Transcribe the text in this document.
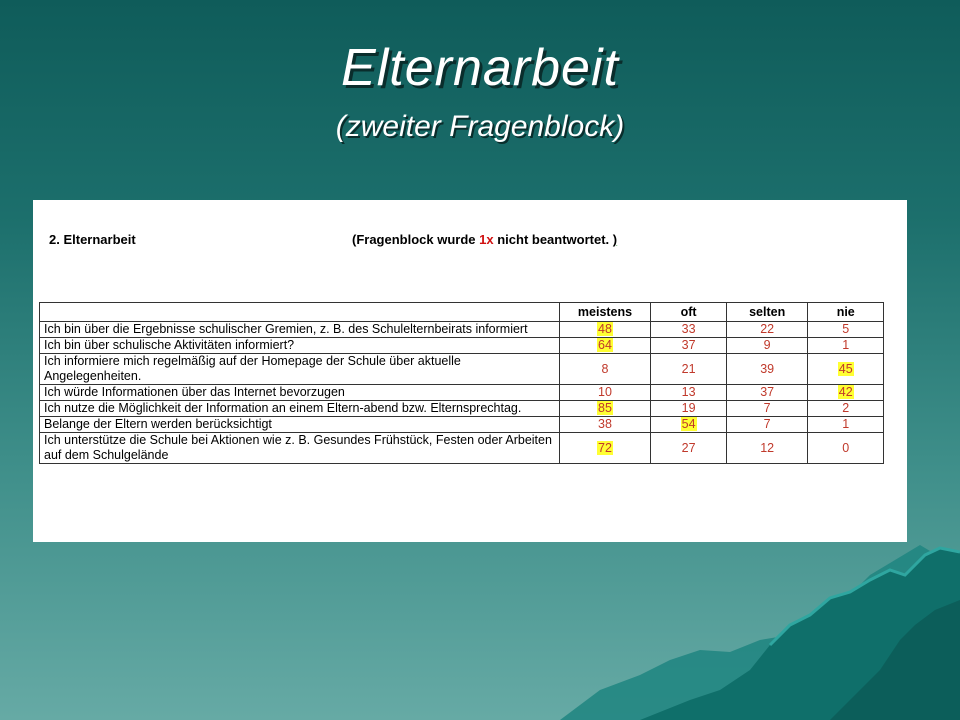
Elternarbeit
(zweiter Fragenblock)
2. Elternarbeit	(Fragenblock wurde 1x nicht beantwortet. )
	meistens	oft	selten	nie
Ich bin über die Ergebnisse schulischer Gremien, z. B. des Schulelternbeirats informiert	48	33	22	5
Ich bin über schulische Aktivitäten informiert?	64	37	9	1
Ich informiere mich regelmäßig auf der Homepage der Schule über aktuelle Angelegenheiten.	8	21	39	45
Ich würde Informationen über das Internet bevorzugen	10	13	37	42
Ich nutze die Möglichkeit der Information an einem Eltern-abend bzw. Elternsprechtag.	85	19	7	2
Belange der Eltern werden berücksichtigt	38	54	7	1
Ich unterstütze die Schule bei Aktionen wie z. B. Gesundes Frühstück, Festen oder Arbeiten auf dem Schulgelände	72	27	12	0
